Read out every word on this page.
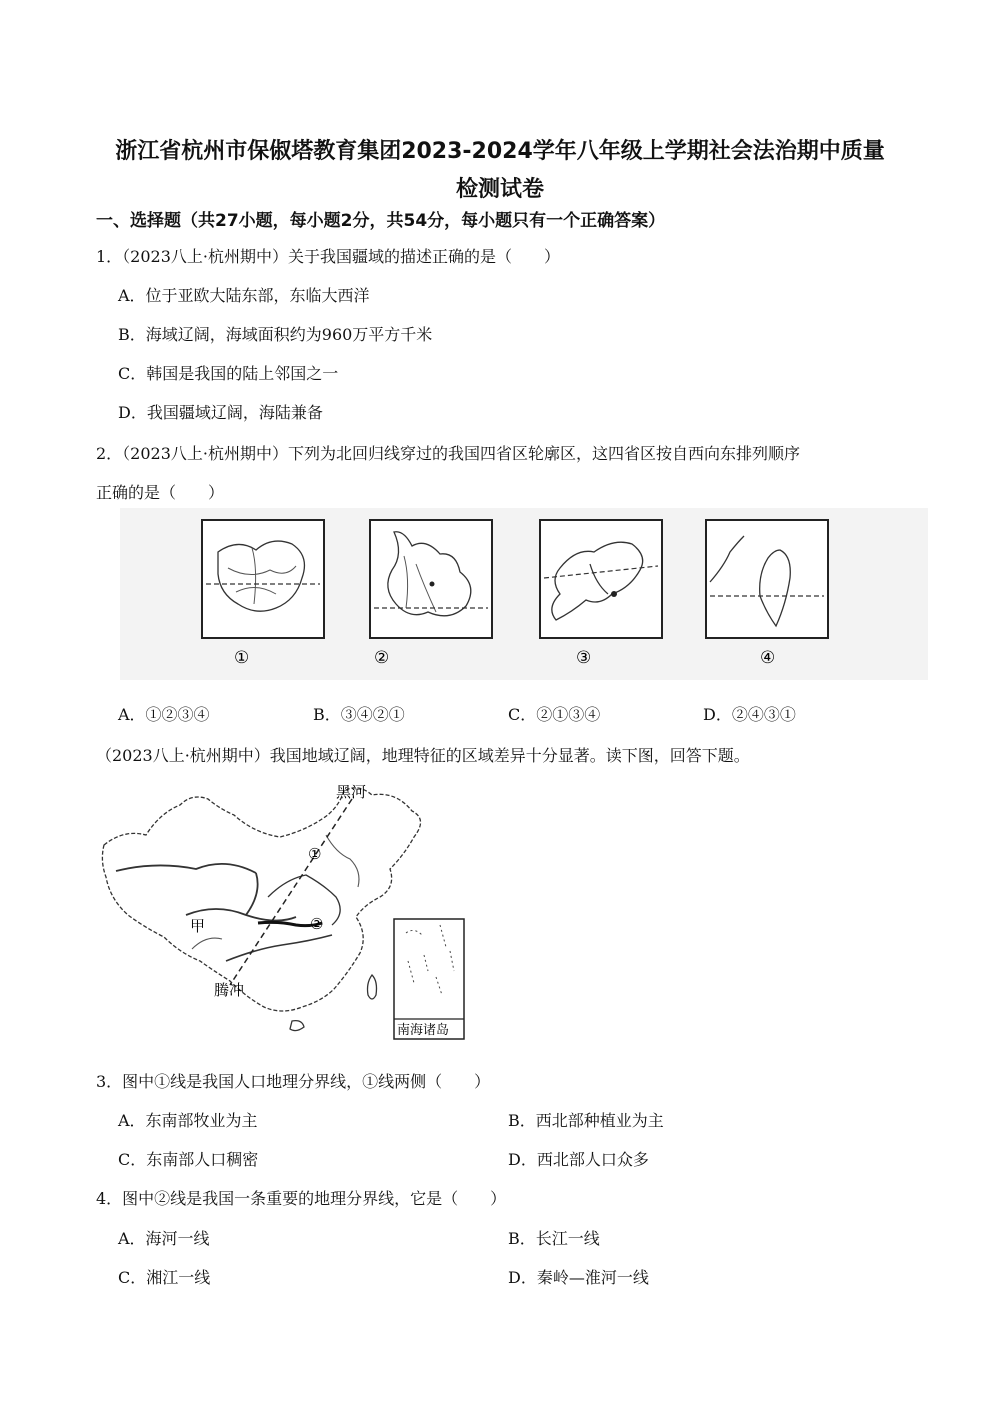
浙江省杭州市保俶塔教育集团2023-2024学年八年级上学期社会法治期中质量
检测试卷
一、选择题（共27小题，每小题2分，共54分，每小题只有一个正确答案）
1．（2023八上·杭州期中）关于我国疆域的描述正确的是（　　）
A．位于亚欧大陆东部，东临大西洋
B．海域辽阔，海域面积约为960万平方千米
C．韩国是我国的陆上邻国之一
D．我国疆域辽阔，海陆兼备
2．（2023八上·杭州期中）下列为北回归线穿过的我国四省区轮廓区，这四省区按自西向东排列顺序
正确的是（　　）
①	②	③	④
A．①②③④	B．③④②①	C．②①③④	D．②④③①
（2023八上·杭州期中）我国地域辽阔，地理特征的区域差异十分显著。读下图，回答下题。
黑河
①
②
甲
腾冲
南海诸岛
3．图中①线是我国人口地理分界线，①线两侧（　　）
A．东南部牧业为主	B．西北部种植业为主
C．东南部人口稠密	D．西北部人口众多
4．图中②线是我国一条重要的地理分界线，它是（　　）
A．海河一线	B．长江一线
C．湘江一线	D．秦岭—淮河一线
